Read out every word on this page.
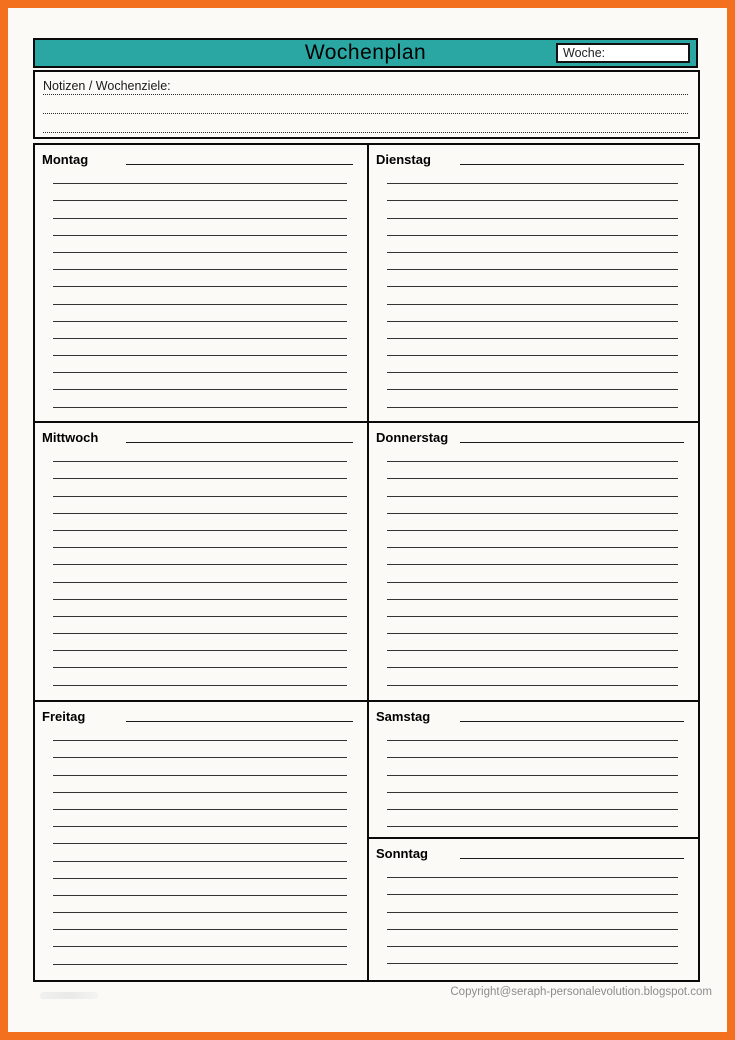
Wochenplan	Woche:
Notizen / Wochenziele:
Montag
Mittwoch
Freitag
Dienstag
Donnerstag
Samstag
Sonntag
Copyright@seraph-personalevolution.blogspot.com
